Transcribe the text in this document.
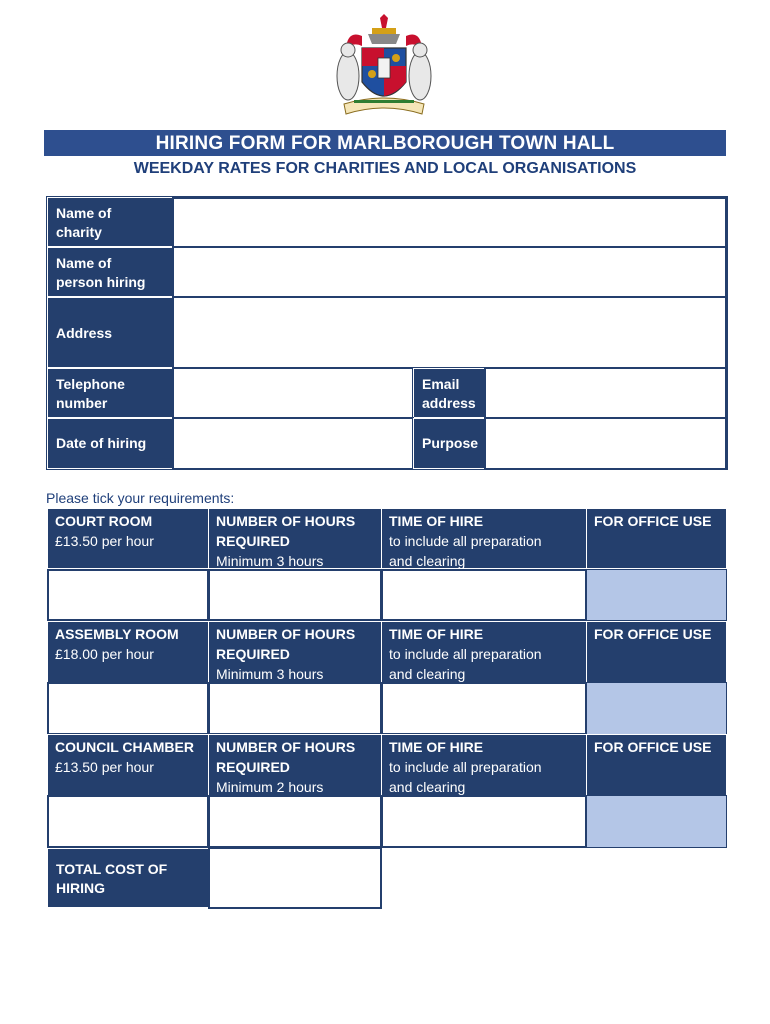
HIRING FORM FOR MARLBOROUGH TOWN HALL
WEEKDAY RATES FOR CHARITIES AND LOCAL ORGANISATIONS
Name of
charity
Name of
person hiring
Address
Telephone
number
Email
address
Date of hiring	Purpose
Please tick your requirements:
COURT ROOM
£13.50 per hour
NUMBER OF HOURS
REQUIRED
Minimum 3 hours
TIME OF HIRE
to include all preparation
and clearing
FOR OFFICE USE
ASSEMBLY ROOM
£18.00 per hour
NUMBER OF HOURS
REQUIRED
Minimum 3 hours
TIME OF HIRE
to include all preparation
and clearing
FOR OFFICE USE
COUNCIL CHAMBER
£13.50 per hour
NUMBER OF HOURS
REQUIRED
Minimum 2 hours
TIME OF HIRE
to include all preparation
and clearing
FOR OFFICE USE
TOTAL COST OF
HIRING
